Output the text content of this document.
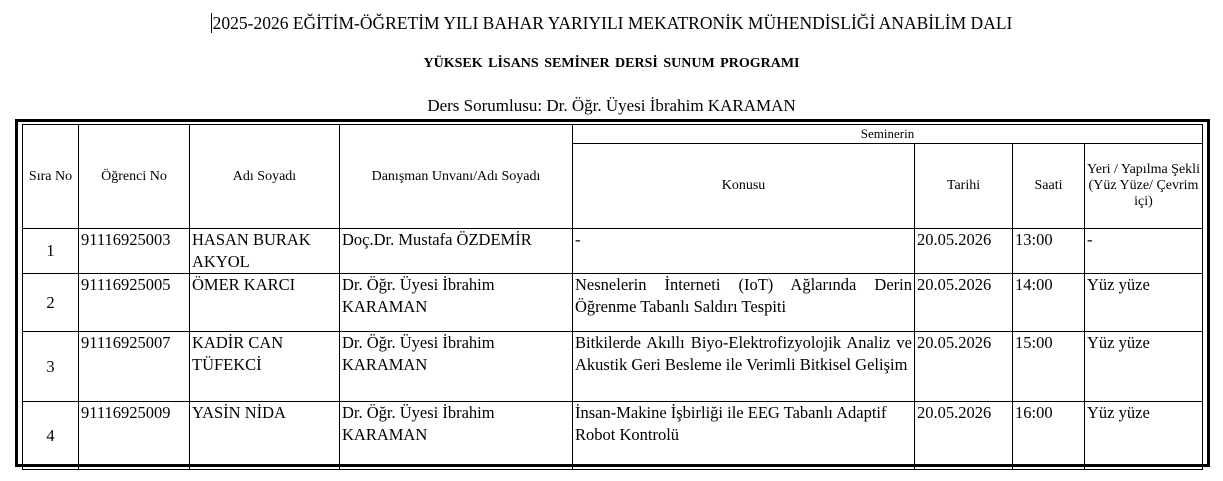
2025-2026 EĞİTİM-ÖĞRETİM YILI BAHAR YARIYILI MEKATRONİK MÜHENDİSLİĞİ ANABİLİM DALI
YÜKSEK LİSANS SEMİNER DERSİ SUNUM PROGRAMI
Ders Sorumlusu: Dr. Öğr. Üyesi İbrahim KARAMAN
Sıra No	Öğrenci No	Adı Soyadı	Danışman Unvanı/Adı Soyadı	Seminerin			
				Konusu	Tarihi	Saati	Yeri / Yapılma Şekli (Yüz Yüze/ Çevrim içi)
1	91116925003	HASAN BURAK AKYOL	Doç.Dr. Mustafa ÖZDEMİR	-	20.05.2026	13:00	-
2	91116925005	ÖMER KARCI	Dr. Öğr. Üyesi İbrahim KARAMAN	Nesnelerin İnterneti (IoT) Ağlarında Derin Öğrenme Tabanlı Saldırı Tespiti	20.05.2026	14:00	Yüz yüze
3	91116925007	KADİR CAN TÜFEKCİ	Dr. Öğr. Üyesi İbrahim KARAMAN	Bitkilerde Akıllı Biyo-Elektrofizyolojik Analiz ve Akustik Geri Besleme ile Verimli Bitkisel Gelişim	20.05.2026	15:00	Yüz yüze
4	91116925009	YASİN NİDA	Dr. Öğr. Üyesi İbrahim KARAMAN	İnsan-Makine İşbirliği ile EEG Tabanlı Adaptif Robot Kontrolü	20.05.2026	16:00	Yüz yüze
